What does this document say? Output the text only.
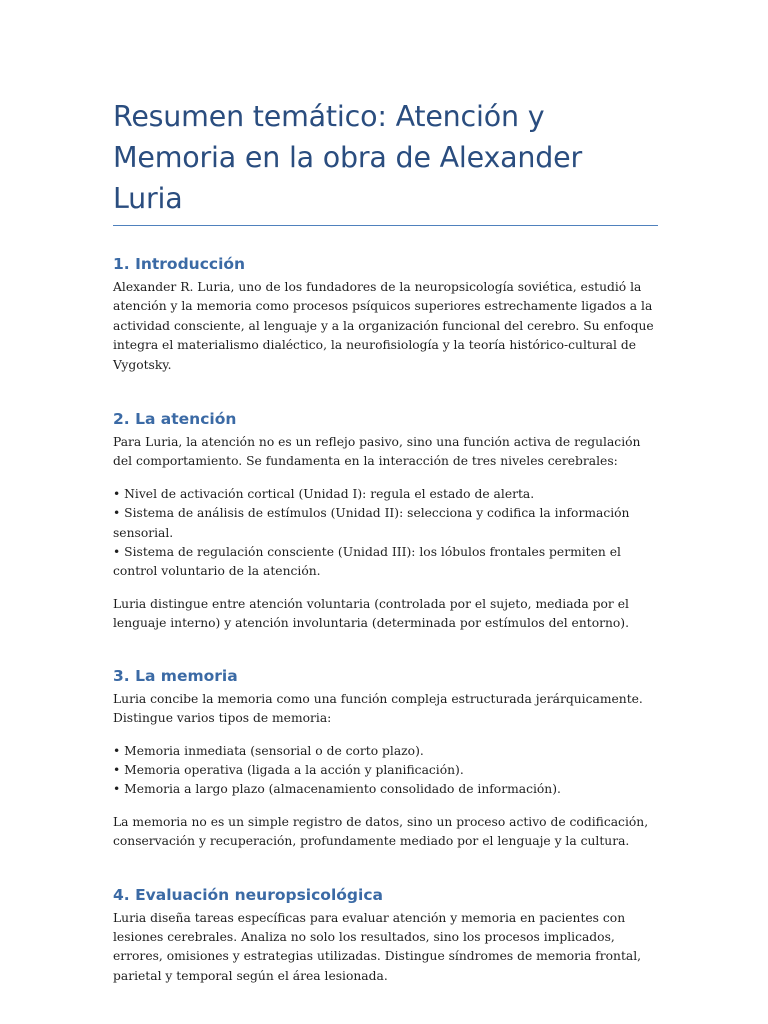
Resumen temático: Atención y Memoria en la obra de Alexander Luria
1. Introducción

Alexander R. Luria, uno de los fundadores de la neuropsicología soviética, estudió la atención y la memoria como procesos psíquicos superiores estrechamente ligados a la actividad consciente, al lenguaje y a la organización funcional del cerebro. Su enfoque integra el materialismo dialéctico, la neurofisiología y la teoría histórico-cultural de Vygotsky.

2. La atención

Para Luria, la atención no es un reflejo pasivo, sino una función activa de regulación del comportamiento. Se fundamenta en la interacción de tres niveles cerebrales:

• Nivel de activación cortical (Unidad I): regula el estado de alerta.
• Sistema de análisis de estímulos (Unidad II): selecciona y codifica la información sensorial.
• Sistema de regulación consciente (Unidad III): los lóbulos frontales permiten el control voluntario de la atención.

Luria distingue entre atención voluntaria (controlada por el sujeto, mediada por el lenguaje interno) y atención involuntaria (determinada por estímulos del entorno).

3. La memoria

Luria concibe la memoria como una función compleja estructurada jerárquicamente. Distingue varios tipos de memoria:

• Memoria inmediata (sensorial o de corto plazo).
• Memoria operativa (ligada a la acción y planificación).
• Memoria a largo plazo (almacenamiento consolidado de información).

La memoria no es un simple registro de datos, sino un proceso activo de codificación, conservación y recuperación, profundamente mediado por el lenguaje y la cultura.

4. Evaluación neuropsicológica

Luria diseña tareas específicas para evaluar atención y memoria en pacientes con lesiones cerebrales. Analiza no solo los resultados, sino los procesos implicados, errores, omisiones y estrategias utilizadas. Distingue síndromes de memoria frontal, parietal y temporal según el área lesionada.
